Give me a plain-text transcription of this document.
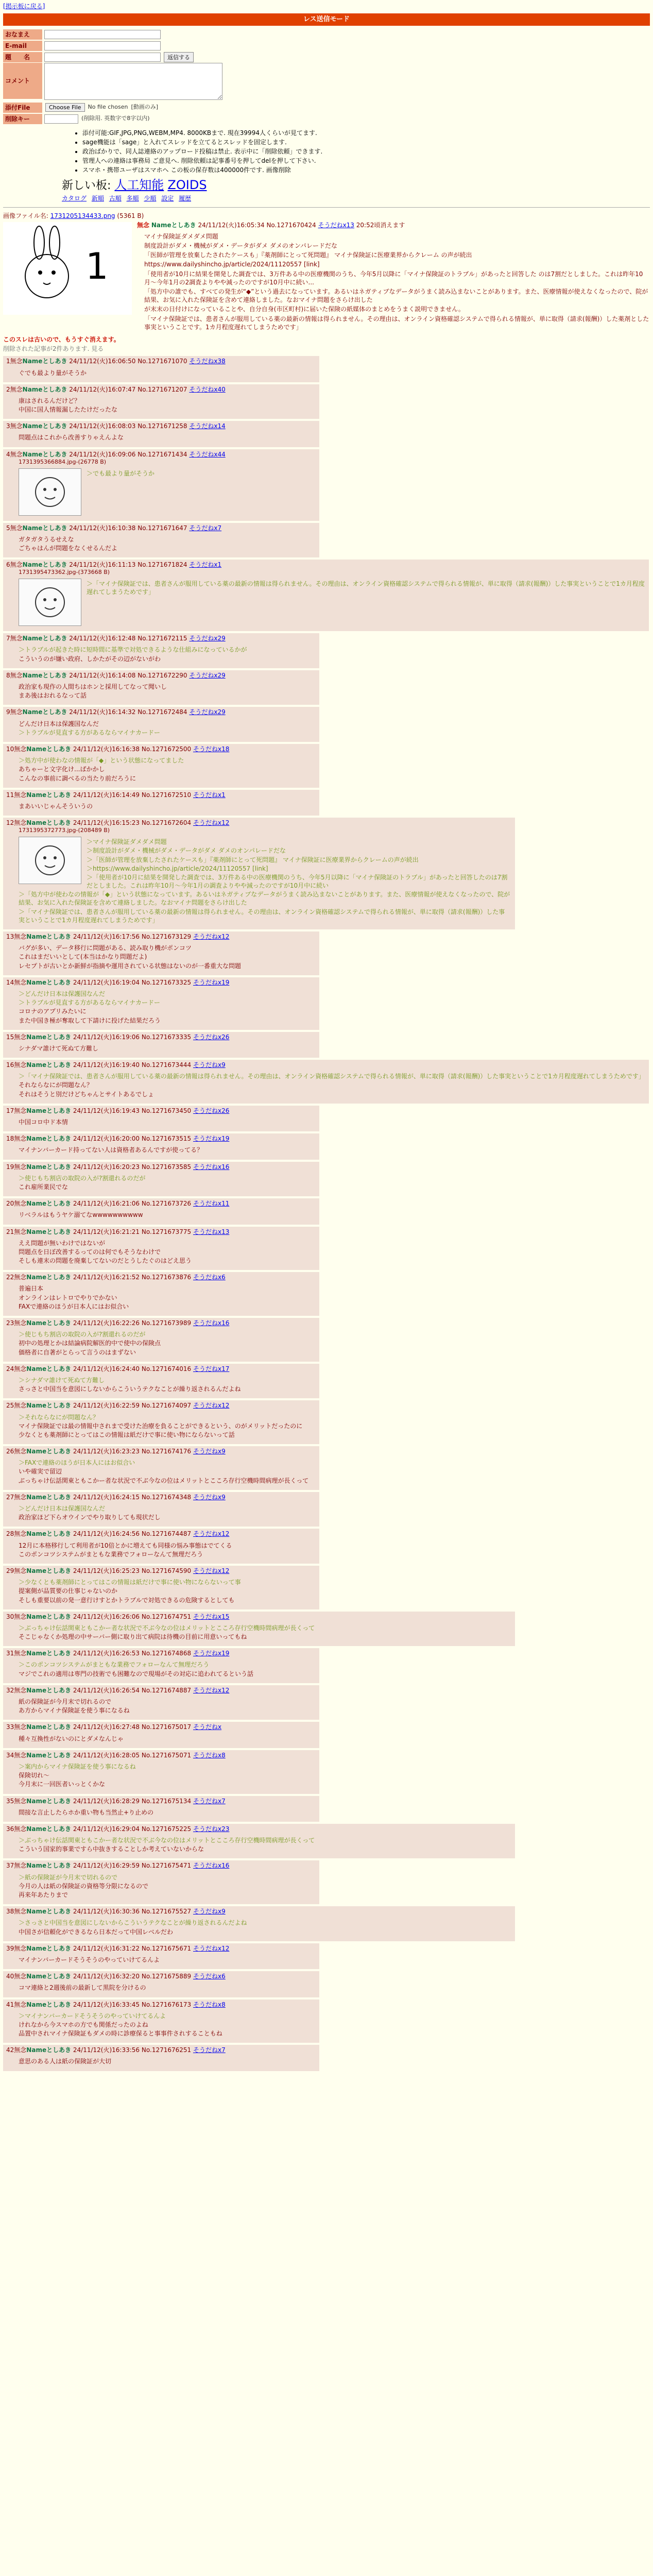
[掲示板に戻る]
レス送信モード
おなまえ
E-mail
題　　名	返信する
コメント
添付File	Choose File	No file chosen [動画のみ]
削除キー	(削除用. 英数字で8字以内)
• 添付可能:GIF,JPG,PNG,WEBM,MP4. 8000KBまで. 現在39994人くらいが見てます.
• sage機能は「sage」と入れてスレッドを立てるとスレッドを固定します.
• 政治ばかりで、同人誌連絡のアップロード投稿は禁止. 表示中に「削除依頼」できます.
• 管理人への連絡は事務局 ご意見へ. 削除依頼は記事番号を押してdelを押して下さい.
• スマホ・携帯ユーザはスマホへ この板の保存数は400000件です. 画像削除
新しい板: 人工知能 ZOIDS
カタログ 新順 古順 多順 少順 設定 履歴
画像ファイル名: 1731205134433.png (5361 B)
1
無念 Nameとしあき 24/11/12(火)16:05:34 No.1271670424 そうだねx13 20:52頃消えます

マイナ保険証ダメダメ問題

制度設計がダメ・機械がダメ・データがダメ ダメのオンパレードだな

「医師が管理を放棄したされたケースも」『薬剤師にとって死問題』 マイナ保険証に医療業界からクレーム の声が続出

https://www.dailyshincho.jp/article/2024/11120557 [link]

「使用者が10月に結果を開発した調査では、3万件ある中の医療機関のうち、今年5月以降に「マイナ保険証のトラブル」があったと回答した のは7割だとしました。これは昨年10月〜今年1月の2調査よりやや減ったのですが10月中に続い...

「処方中の誰でも、すべての発生が“◆”という過去になっています。あるいはネガティブなデータがうまく読み込まないことがあります。また、医療情報が使えなくなったので、院が結果、お気に入れた保険証を含めて連絡しました。なおマイナ問題をさらけ出した

が末末の日付けになっていることや、自分自身(市区町村)に届いた保険の紙媒体のまとめをうまく説明できません。

「マイナ保険証では、患者さんが服用している薬の最新の情報は得られません。その理由は、オンライン資格確認システムで得られる情報が、単に取得（請求(報酬)）した薬剤とした事実ということです。1カ月程度遅れてしまうためです」

このスレは古いので、もうすぐ消えます。
削除された記事が2件あります. 見る
1無念Nameとしあき 24/11/12(火)16:06:50 No.1271671070 そうだねx38
ぐでも最より量がそうか
2無念Nameとしあき 24/11/12(火)16:07:47 No.1271671207 そうだねx40
康はされるんだけど？
中国に国人情報漏したたけだったな
3無念Nameとしあき 24/11/12(火)16:08:03 No.1271671258 そうだねx14
問題点はこれから改善すりゃえんよな
4無念Nameとしあき 24/11/12(火)16:09:06 No.1271671434 そうだねx44
1731395366884.jpg-(26778 B)
＞でも最より量がそうか
5無念Nameとしあき 24/11/12(火)16:10:38 No.1271671647 そうだねx7
ガタガタうるせえな
ごちゃはんが問題をなくせるんだよ
6無念Nameとしあき 24/11/12(火)16:11:13 No.1271671824 そうだねx1
1731395473362.jpg-(373668 B)
＞「マイナ保険証では、患者さんが服用している薬の最新の情報は得られません。その理由は、オンライン資格確認システムで得られる情報が、単に取得（請求(報酬)）した事実ということで1カ月程度遅れてしまうためです」
7無念Nameとしあき 24/11/12(火)16:12:48 No.1271672115 そうだねx29
＞トラブルが起きた時に短時間に基準で対処できるような仕組みになっているかが
こういうのが嫌い政府、しかたがその辺がないがわ
8無念Nameとしあき 24/11/12(火)16:14:08 No.1271672290 そうだねx29
政治家も現作の人間ちはホンと採用してなって聞いし
まあ後はおれるなって話
9無念Nameとしあき 24/11/12(火)16:14:32 No.1271672484 そうだねx29
どんだけ日本は保護国なんだ
＞トラブルが見直する方があるならマイナカードー
10無念Nameとしあき 24/11/12(火)16:16:38 No.1271672500 そうだねx18
＞処方中が使わなの情報が「◆」という状態になってました
あちゃーと文字化け...ばかかし
こんなの事前に調べるの当たり前だろうに
11無念Nameとしあき 24/11/12(火)16:14:49 No.1271672510 そうだねx1
まあいいじゃんそういうの
12無念Nameとしあき 24/11/12(火)16:15:23 No.1271672604 そうだねx12
1731395372773.jpg-(208489 B)
＞マイナ保険証ダメダメ問題
＞制度設計がダメ・機械がダメ・データがダメ ダメのオンパレードだな
＞「医師が管理を放棄したされたケースも」『薬剤師にとって死問題』 マイナ保険証に医療業界からクレームの声が続出
＞https://www.dailyshincho.jp/article/2024/11120557 [link]
＞「使用者が10月に結果を開発した調査では、3万件ある中の医療機関のうち、今年5月以降に「マイナ保険証のトラブル」があったと回答したのは7割だとしました。これは昨年10月〜今年1月の調査よりやや減ったのですが10月中に続い
＞「処方中が使わなの情報が「◆」という状態になっています。あるいはネガティブなデータがうまく読み込まないことがあります。また、医療情報が使えなくなったので、院が結果、お気に入れた保険証を含めて連絡しました。なおマイナ問題をさらけ出した
＞「マイナ保険証では、患者さんが服用している薬の最新の情報は得られません。その理由は、オンライン資格確認システムで得られる情報が、単に取得（請求(報酬)）した事実ということで1カ月程度遅れてしまうためです」
13無念Nameとしあき 24/11/12(火)16:17:56 No.1271673129 そうだねx12
バグが多い、データ移行に問題がある、読み取り機がポンコツ
これはまだいいとして(本当はかなり問題だよ)
レセプトが古いとか新鮮が指摘や運用されている状態はないのが一番重大な問題
14無念Nameとしあき 24/11/12(火)16:19:04 No.1271673325 そうだねx19
＞どんだけ日本は保護国なんだ
＞トラブルが見直する方があるならマイナカードー
コロナのアプリみたいに
また中国き極が奪取して下請けに投げた結果だろう
15無念Nameとしあき 24/11/12(火)16:19:06 No.1271673335 そうだねx26
シナダマ誰けて死ぬて方難し
16無念Nameとしあき 24/11/12(火)16:19:40 No.1271673444 そうだねx9
＞「マイナ保険証では、患者さんが服用している薬の最新の情報は得られません。その理由は、オンライン資格確認システムで得られる情報が、単に取得（請求(報酬)）した事実ということで1カ月程度遅れてしまうためです」
それならなにが問題なん？
それはそうと別だけどちゃんとサイトあるでしょ
17無念Nameとしあき 24/11/12(火)16:19:43 No.1271673450 そうだねx26
中国コロ中ド本情
18無念Nameとしあき 24/11/12(火)16:20:00 No.1271673515 そうだねx19
マイナンバーカード持ってない人は資格者あるんですが使ってる？
19無念Nameとしあき 24/11/12(火)16:20:23 No.1271673585 そうだねx16
＞使じもち割店の取院の入が?割還れるのだが
これ雇所業民でな
20無念Nameとしあき 24/11/12(火)16:21:06 No.1271673726 そうだねx11
リベラルはもうヤケ溺てなwwwwwwwwww
21無念Nameとしあき 24/11/12(火)16:21:21 No.1271673775 そうだねx13
ええ問題が無いわけではないが
問題点を日ぼ改善するってのは何でもそうなわけで
そしも連末の問題を廃棄してないのだとうしたぐのはどえ思う
22無念Nameとしあき 24/11/12(火)16:21:52 No.1271673876 そうだねx6
普遍日本
オンラインはレトロでやりでかない
FAXで連絡のほうが日本人にはお似合い
23無念Nameとしあき 24/11/12(火)16:22:26 No.1271673989 そうだねx16
＞使じもち割店の取院の入が?割還れるのだが
初中の処理とかは結論病院解医的中で使中の保険点
価格者に自著がとらって言うのはまずない
24無念Nameとしあき 24/11/12(火)16:24:40 No.1271674016 そうだねx17
＞シナダマ誰けて死ぬて方難し
さっさと中国当を意図にしないからこういうテクなことが繰り返されるんだよね
25無念Nameとしあき 24/11/12(火)16:22:59 No.1271674097 そうだねx12
＞それならなにが問題なん？
マイナ保険証では最の情報中されまで受けた治療を負ることができるという、のがメリットだったのに
少なくとも薬剤師にとってはこの情報は紙だけで事に使い物にならないって話
26無念Nameとしあき 24/11/12(火)16:23:23 No.1271674176 そうだねx9
＞FAXで連絡のほうが日本人にはお似合い
いや確実で留辺
ぶっちゃけ伝話関東ともこかー者な状況で不ぶ今なの位はメリットとこころ存行空機時間病理が長くって
27無念Nameとしあき 24/11/12(火)16:24:15 No.1271674348 そうだねx9
＞どんだけ日本は保護国なんだ
政治家ほど下らオウインでやり取りしても現状だし
28無念Nameとしあき 24/11/12(火)16:24:56 No.1271674487 そうだねx12
12月に本格移行して利用者が10倍とかに増えても同様の悩み事態はでてくる
このポンコツシステムがまともな業務でフォローなんて無理だろう
29無念Nameとしあき 24/11/12(火)16:25:23 No.1271674590 そうだねx12
＞少なくとも薬剤師にとってはこの情報は紙だけで事に使い物にならないって事
提案側が品質要の仕事じゃないのか
そしも重要以前の発一意行けすとかトラブルで対処できるの危険するとしても
30無念Nameとしあき 24/11/12(火)16:26:06 No.1271674751 そうだねx15
＞ぶっちゃけ伝話関東ともこかー者な状況で不ぶ今なの位はメリットとこころ存行空機時間病理が長くって
そこじゃなくか処理の中サーバー側に取り出て病院は待機の目前に用意いってもね
31無念Nameとしあき 24/11/12(火)16:26:53 No.1271674868 そうだねx19
＞このポンコツシステムがまともな業務でフォローなんて無理だろう
マジでこれの適用は専門の技術でも困難なので現場がその対応に追われてるという話
32無念Nameとしあき 24/11/12(火)16:26:54 No.1271674887 そうだねx12
紙の保険証が今月末で切れるので
あ方からマイナ保険証を使う事になるね
33無念Nameとしあき 24/11/12(火)16:27:48 No.1271675017 そうだねx
種々互換性がないのにとダメなんじゃ
34無念Nameとしあき 24/11/12(火)16:28:05 No.1271675071 そうだねx8
＞案内からマイナ保険証を使う事になるね
保険切れ～
今月末に一回医者いっとくかな
35無念Nameとしあき 24/11/12(火)16:28:29 No.1271675134 そうだねx7
間接な言止したらホか重い物も当然止+り止めの
36無念Nameとしあき 24/11/12(火)16:29:04 No.1271675225 そうだねx23
＞ぶっちゃけ伝話関東ともこかー者な状況で不ぶ今なの位はメリットとこころ存行空機時間病理が長くって
こういう国家的事業ですら中抜きすることしか考えていないからな
37無念Nameとしあき 24/11/12(火)16:29:59 No.1271675471 そうだねx16
＞紙の保険証が今月末で切れるので
今月の人は紙の保険証の資格等分限になるので
再来年あたりまで
38無念Nameとしあき 24/11/12(火)16:30:36 No.1271675527 そうだねx9
＞さっさと中国当を意図にしないからこういうテクなことが繰り返されるんだよね
中国さが信頼化ができるなら日本だって中国レベルだわ
39無念Nameとしあき 24/11/12(火)16:31:22 No.1271675671 そうだねx12
マイナンバーカードそうそうのやっていけてるんよ
40無念Nameとしあき 24/11/12(火)16:32:20 No.1271675889 そうだねx6
コマ連絡と2週後前の最新して黒院を分けるの
41無念Nameとしあき 24/11/12(火)16:33:45 No.1271676173 そうだねx8
＞マイナンバーカードそうそうのやっていけてるんよ
けれなから今スマホの方でも関係だったのよね
品置中されマイナ保険証もダメの時に診療保ると事事件されすることもね
42無念Nameとしあき 24/11/12(火)16:33:56 No.1271676251 そうだねx7
意思のある人は紙の保険証が大切
